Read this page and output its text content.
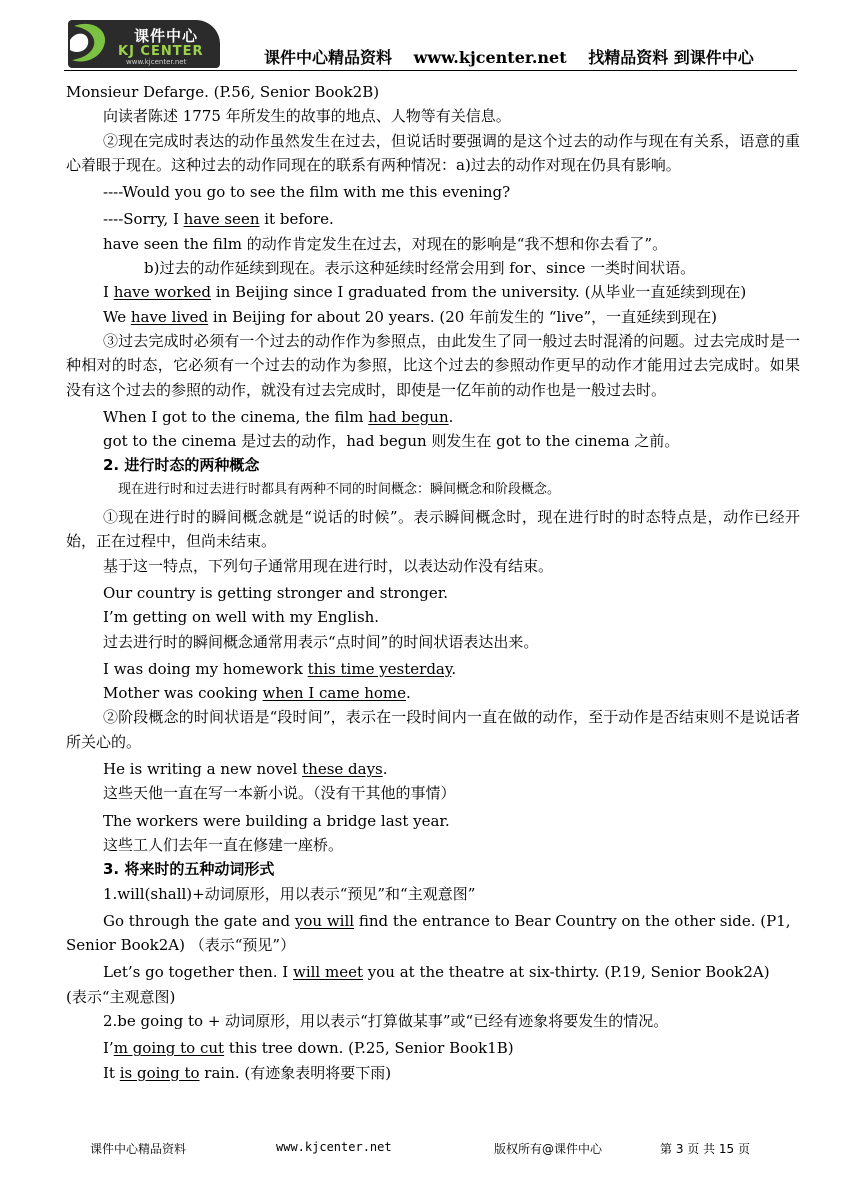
课件中心
KJ CENTER
www.kjcenter.net	课件中心精品资料 www.kjcenter.net 找精品资料 到课件中心

Monsieur Defarge. (P.56, Senior Book2B)

向读者陈述 1775 年所发生的故事的地点、人物等有关信息。

②现在完成时表达的动作虽然发生在过去，但说话时要强调的是这个过去的动作与现在有关系，语意的重心着眼于现在。这种过去的动作同现在的联系有两种情况：a)过去的动作对现在仍具有影响。

----Would you go to see the film with me this evening?

----Sorry, I have seen it before.

have seen the film 的动作肯定发生在过去，对现在的影响是“我不想和你去看了”。

b)过去的动作延续到现在。表示这种延续时经常会用到 for、since 一类时间状语。

I have worked in Beijing since I graduated from the university. (从毕业一直延续到现在)

We have lived in Beijing for about 20 years. (20 年前发生的 “live”，一直延续到现在)

③过去完成时必须有一个过去的动作作为参照点，由此发生了同一般过去时混淆的问题。过去完成时是一种相对的时态，它必须有一个过去的动作为参照，比这个过去的参照动作更早的动作才能用过去完成时。如果没有这个过去的参照的动作，就没有过去完成时，即使是一亿年前的动作也是一般过去时。

When I got to the cinema, the film had begun.

got to the cinema 是过去的动作，had begun 则发生在 got to the cinema 之前。

2. 进行时态的两种概念

现在进行时和过去进行时都具有两种不同的时间概念：瞬间概念和阶段概念。

①现在进行时的瞬间概念就是“说话的时候”。表示瞬间概念时，现在进行时的时态特点是，动作已经开始，正在过程中，但尚未结束。

基于这一特点，下列句子通常用现在进行时，以表达动作没有结束。

Our country is getting stronger and stronger.

I’m getting on well with my English.

过去进行时的瞬间概念通常用表示“点时间”的时间状语表达出来。

I was doing my homework this time yesterday.

Mother was cooking when I came home.

②阶段概念的时间状语是“段时间”，表示在一段时间内一直在做的动作，至于动作是否结束则不是说话者所关心的。

He is writing a new novel these days.

这些天他一直在写一本新小说。（没有干其他的事情）

The workers were building a bridge last year.

这些工人们去年一直在修建一座桥。

3. 将来时的五种动词形式

1.will(shall)+动词原形，用以表示“预见”和“主观意图”

Go through the gate and you will find the entrance to Bear Country on the other side. (P1,

Senior Book2A) （表示“预见”）

Let’s go together then. I will meet you at the theatre at six-thirty. (P.19, Senior Book2A)

(表示“主观意图)

2.be going to + 动词原形，用以表示“打算做某事”或“已经有迹象将要发生的情况。

I’m going to cut this tree down. (P.25, Senior Book1B)

It is going to rain. (有迹象表明将要下雨)

课件中心精品资料	www.kjcenter.net	版权所有@课件中心	第 3 页 共 15 页
